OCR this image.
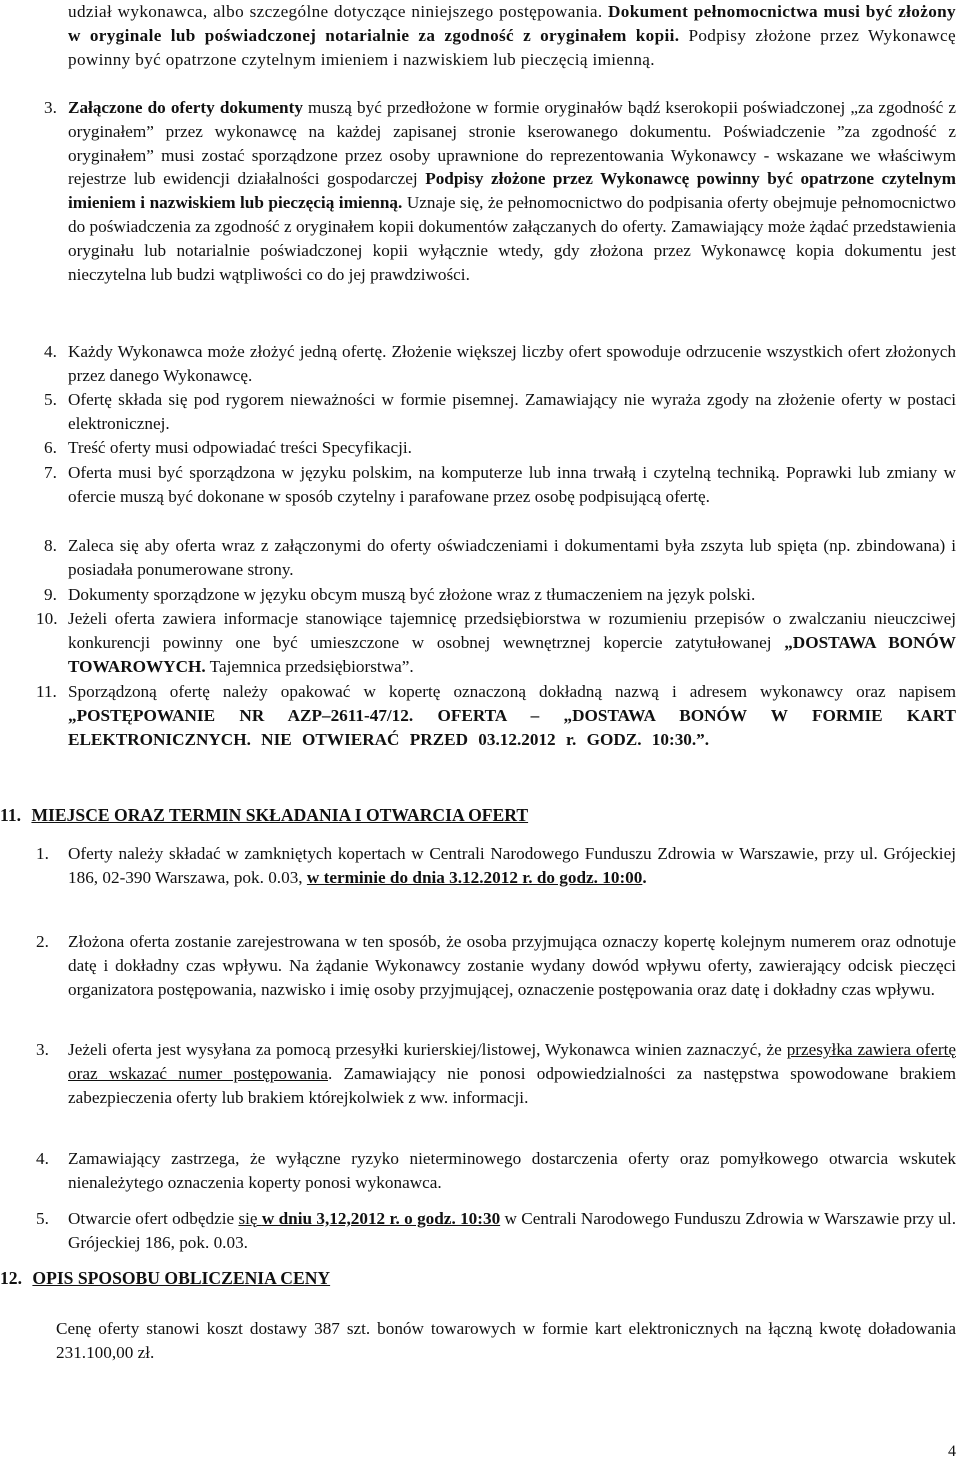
udział wykonawca, albo szczególne dotyczące niniejszego postępowania. Dokument pełnomocnictwa musi być złożony w oryginale lub poświadczonej notarialnie za zgodność z oryginałem kopii. Podpisy złożone przez Wykonawcę powinny być opatrzone czytelnym imieniem i nazwiskiem lub pieczęcią imienną.
3. Załączone do oferty dokumenty muszą być przedłożone w formie oryginałów bądź kserokopii poświadczonej „za zgodność z oryginałem” przez wykonawcę na każdej zapisanej stronie kserowanego dokumentu. Poświadczenie ”za zgodność z oryginałem” musi zostać sporządzone przez osoby uprawnione do reprezentowania Wykonawcy - wskazane we właściwym rejestrze lub ewidencji działalności gospodarczej Podpisy złożone przez Wykonawcę powinny być opatrzone czytelnym imieniem i nazwiskiem lub pieczęcią imienną. Uznaje się, że pełnomocnictwo do podpisania oferty obejmuje pełnomocnictwo do poświadczenia za zgodność z oryginałem kopii dokumentów załączanych do oferty. Zamawiający może żądać przedstawienia oryginału lub notarialnie poświadczonej kopii wyłącznie wtedy, gdy złożona przez Wykonawcę kopia dokumentu jest nieczytelna lub budzi wątpliwości co do jej prawdziwości.
4. Każdy Wykonawca może złożyć jedną ofertę. Złożenie większej liczby ofert spowoduje odrzucenie wszystkich ofert złożonych przez danego Wykonawcę.
5. Ofertę składa się pod rygorem nieważności w formie pisemnej. Zamawiający nie wyraża zgody na złożenie oferty w postaci elektronicznej.
6. Treść oferty musi odpowiadać treści Specyfikacji.
7. Oferta musi być sporządzona w języku polskim, na komputerze lub inna trwałą i czytelną techniką. Poprawki lub zmiany w ofercie muszą być dokonane w sposób czytelny i parafowane przez osobę podpisującą ofertę.
8. Zaleca się aby oferta wraz z załączonymi do oferty oświadczeniami i dokumentami była zszyta lub spięta (np. zbindowana) i posiadała ponumerowane strony.
9. Dokumenty sporządzone w języku obcym muszą być złożone wraz z tłumaczeniem na język polski.
10. Jeżeli oferta zawiera informacje stanowiące tajemnicę przedsiębiorstwa w rozumieniu przepisów o zwalczaniu nieuczciwej konkurencji powinny one być umieszczone w osobnej wewnętrznej kopercie zatytułowanej „DOSTAWA BONÓW TOWAROWYCH. Tajemnica przedsiębiorstwa”.
11. Sporządzoną ofertę należy opakować w kopertę oznaczoną dokładną nazwą i adresem wykonawcy oraz napisem „POSTĘPOWANIE NR AZP–2611-47/12. OFERTA – „DOSTAWA BONÓW W FORMIE KART ELEKTRONICZNYCH. NIE OTWIERAĆ PRZED 03.12.2012 r. GODZ. 10:30.”.
11. MIEJSCE ORAZ TERMIN SKŁADANIA I OTWARCIA OFERT
1. Oferty należy składać w zamkniętych kopertach w Centrali Narodowego Funduszu Zdrowia w Warszawie, przy ul. Grójeckiej 186, 02-390 Warszawa, pok. 0.03, w terminie do dnia 3.12.2012 r. do godz. 10:00.
2. Złożona oferta zostanie zarejestrowana w ten sposób, że osoba przyjmująca oznaczy kopertę kolejnym numerem oraz odnotuje datę i dokładny czas wpływu. Na żądanie Wykonawcy zostanie wydany dowód wpływu oferty, zawierający odcisk pieczęci organizatora postępowania, nazwisko i imię osoby przyjmującej, oznaczenie postępowania oraz datę i dokładny czas wpływu.
3. Jeżeli oferta jest wysyłana za pomocą przesyłki kurierskiej/listowej, Wykonawca winien zaznaczyć, że przesyłka zawiera ofertę oraz wskazać numer postępowania. Zamawiający nie ponosi odpowiedzialności za następstwa spowodowane brakiem zabezpieczenia oferty lub brakiem którejkolwiek z ww. informacji.
4. Zamawiający zastrzega, że wyłączne ryzyko nieterminowego dostarczenia oferty oraz pomyłkowego otwarcia wskutek nienależytego oznaczenia koperty ponosi wykonawca.
5. Otwarcie ofert odbędzie się w dniu 3,12,2012 r. o godz. 10:30 w Centrali Narodowego Funduszu Zdrowia w Warszawie przy ul. Grójeckiej 186, pok. 0.03.
12. OPIS SPOSOBU OBLICZENIA CENY
Cenę oferty stanowi koszt dostawy 387 szt. bonów towarowych w formie kart elektronicznych na łączną kwotę doładowania 231.100,00 zł.
4
